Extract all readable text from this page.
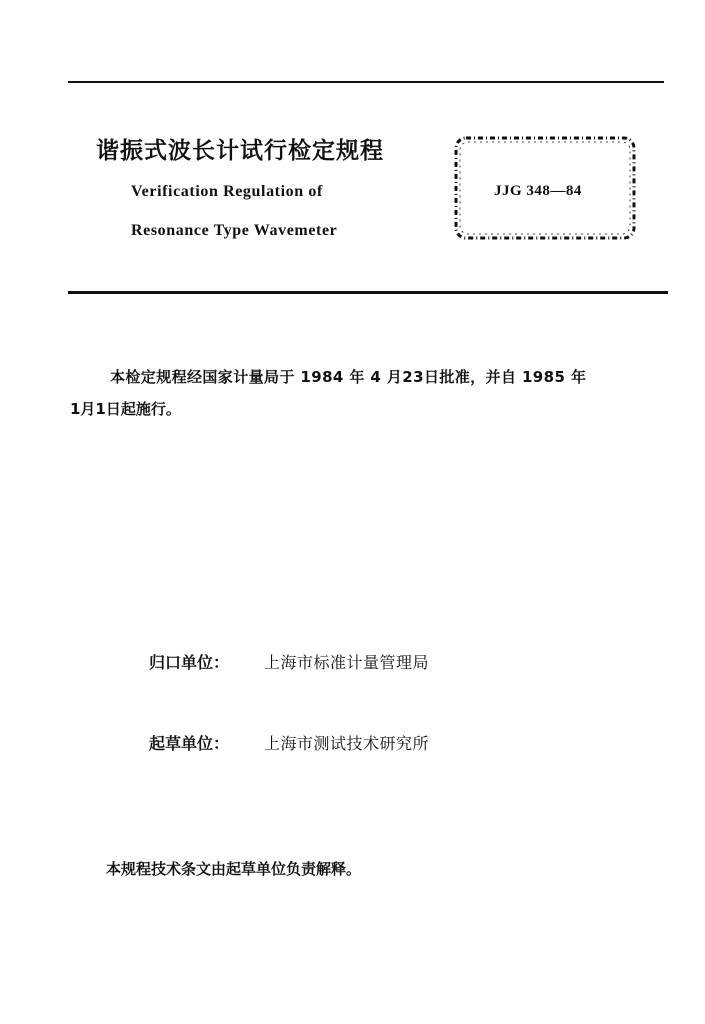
谐振式波长计试行检定规程
Verification Regulation of
Resonance Type Wavemeter
JJG 348—84
本检定规程经国家计量局于 1984 年 4 月23日批准，并自 1985 年
1月1日起施行。
归口单位： 上海市标准计量管理局
起草单位： 上海市测试技术研究所
本规程技术条文由起草单位负责解释。
